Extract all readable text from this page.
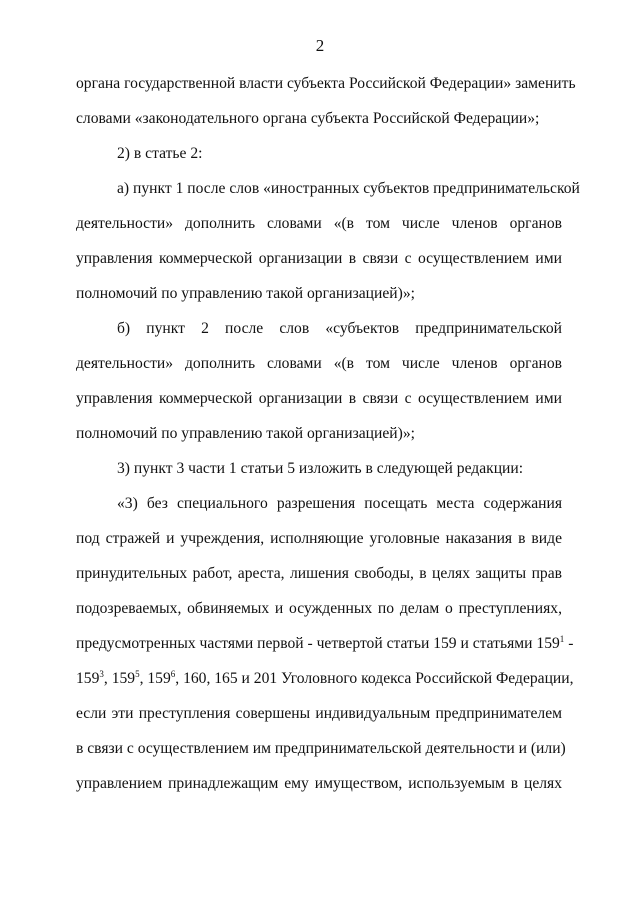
2
органа государственной власти субъекта Российской Федерации» заменить
словами «законодательного органа субъекта Российской Федерации»;
2) в статье 2:
а) пункт 1 после слов «иностранных субъектов предпринимательской
деятельности» дополнить словами «(в том числе членов органов
управления коммерческой организации в связи с осуществлением ими
полномочий по управлению такой организацией)»;
б) пункт 2 после слов «субъектов предпринимательской
деятельности» дополнить словами «(в том числе членов органов
управления коммерческой организации в связи с осуществлением ими
полномочий по управлению такой организацией)»;
3) пункт 3 части 1 статьи 5 изложить в следующей редакции:
«3) без специального разрешения посещать места содержания
под стражей и учреждения, исполняющие уголовные наказания в виде
принудительных работ, ареста, лишения свободы, в целях защиты прав
подозреваемых, обвиняемых и осужденных по делам о преступлениях,
предусмотренных частями первой - четвертой статьи 159 и статьями $159^1$ -
$159^3$, $159^5$, $159^6$, 160, 165 и 201 Уголовного кодекса Российской Федерации,
если эти преступления совершены индивидуальным предпринимателем
в связи с осуществлением им предпринимательской деятельности и (или)
управлением принадлежащим ему имуществом, используемым в целях
